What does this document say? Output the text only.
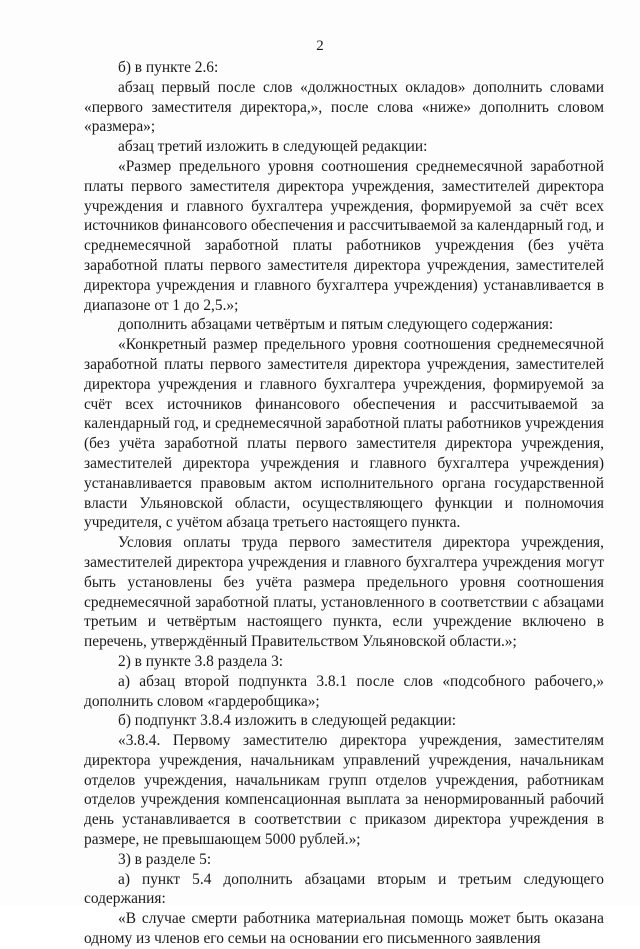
2

б) в пункте 2.6:

абзац первый после слов «должностных окладов» дополнить словами «первого заместителя директора,», после слова «ниже» дополнить словом «размера»;

абзац третий изложить в следующей редакции:

«Размер предельного уровня соотношения среднемесячной заработной платы первого заместителя директора учреждения, заместителей директора учреждения и главного бухгалтера учреждения, формируемой за счёт всех источников финансового обеспечения и рассчитываемой за календарный год, и среднемесячной заработной платы работников учреждения (без учёта заработной платы первого заместителя директора учреждения, заместителей директора учреждения и главного бухгалтера учреждения) устанавливается в диапазоне от 1 до 2,5.»;

дополнить абзацами четвёртым и пятым следующего содержания:

«Конкретный размер предельного уровня соотношения среднемесячной заработной платы первого заместителя директора учреждения, заместителей директора учреждения и главного бухгалтера учреждения, формируемой за счёт всех источников финансового обеспечения и рассчитываемой за календарный год, и среднемесячной заработной платы работников учреждения (без учёта заработной платы первого заместителя директора учреждения, заместителей директора учреждения и главного бухгалтера учреждения) устанавливается правовым актом исполнительного органа государственной власти Ульяновской области, осуществляющего функции и полномочия учредителя, с учётом абзаца третьего настоящего пункта.

Условия оплаты труда первого заместителя директора учреждения, заместителей директора учреждения и главного бухгалтера учреждения могут быть установлены без учёта размера предельного уровня соотношения среднемесячной заработной платы, установленного в соответствии с абзацами третьим и четвёртым настоящего пункта, если учреждение включено в перечень, утверждённый Правительством Ульяновской области.»;

2) в пункте 3.8 раздела 3:

а) абзац второй подпункта 3.8.1 после слов «подсобного рабочего,» дополнить словом «гардеробщика»;

б) подпункт 3.8.4 изложить в следующей редакции:

«3.8.4. Первому заместителю директора учреждения, заместителям директора учреждения, начальникам управлений учреждения, начальникам отделов учреждения, начальникам групп отделов учреждения, работникам отделов учреждения компенсационная выплата за ненормированный рабочий день устанавливается в соответствии с приказом директора учреждения в размере, не превышающем 5000 рублей.»;

3) в разделе 5:

а) пункт 5.4 дополнить абзацами вторым и третьим следующего содержания:

«В случае смерти работника материальная помощь может быть оказана одному из членов его семьи на основании его письменного заявления
